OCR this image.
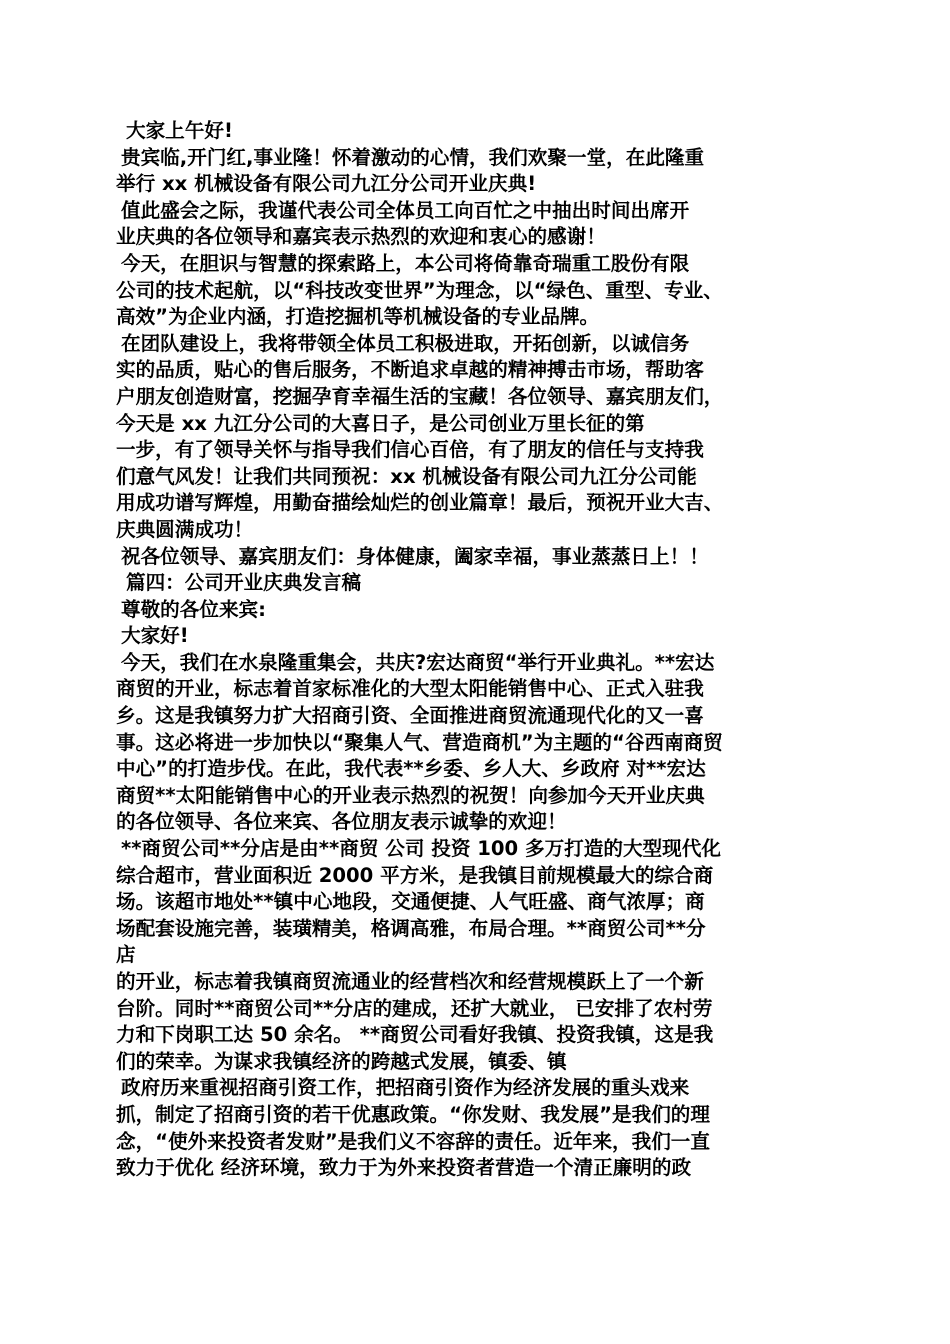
大家上午好!
贵宾临,开门红,事业隆！怀着激动的心情，我们欢聚一堂，在此隆重
举行 xx 机械设备有限公司九江分公司开业庆典!
值此盛会之际，我谨代表公司全体员工向百忙之中抽出时间出席开
业庆典的各位领导和嘉宾表示热烈的欢迎和衷心的感谢！
今天，在胆识与智慧的探索路上，本公司将倚靠奇瑞重工股份有限
公司的技术起航，以“科技改变世界”为理念，以“绿色、重型、专业、
高效”为企业内涵，打造挖掘机等机械设备的专业品牌。
在团队建设上，我将带领全体员工积极进取，开拓创新，以诚信务
实的品质，贴心的售后服务，不断追求卓越的精神搏击市场，帮助客
户朋友创造财富，挖掘孕育幸福生活的宝藏！各位领导、嘉宾朋友们，
今天是 xx 九江分公司的大喜日子，是公司创业万里长征的第
一步，有了领导关怀与指导我们信心百倍，有了朋友的信任与支持我
们意气风发！让我们共同预祝：xx 机械设备有限公司九江分公司能
用成功谱写辉煌，用勤奋描绘灿烂的创业篇章！最后，预祝开业大吉、
庆典圆满成功！
祝各位领导、嘉宾朋友们：身体健康，阖家幸福，事业蒸蒸日上！！
篇四：公司开业庆典发言稿
尊敬的各位来宾:
大家好!
今天，我们在水泉隆重集会，共庆?宏达商贸“举行开业典礼。**宏达
商贸的开业，标志着首家标准化的大型太阳能销售中心、正式入驻我
乡。这是我镇努力扩大招商引资、全面推进商贸流通现代化的又一喜
事。这必将进一步加快以“聚集人气、营造商机”为主题的“谷西南商贸
中心”的打造步伐。在此，我代表**乡委、乡人大、乡政府 对**宏达
商贸**太阳能销售中心的开业表示热烈的祝贺！向参加今天开业庆典
的各位领导、各位来宾、各位朋友表示诚挚的欢迎！
**商贸公司**分店是由**商贸 公司 投资 100 多万打造的大型现代化
综合超市，营业面积近 2000 平方米，是我镇目前规模最大的综合商
场。该超市地处**镇中心地段，交通便捷、人气旺盛、商气浓厚；商
场配套设施完善，装璜精美，格调高雅，布局合理。**商贸公司**分
店
的开业，标志着我镇商贸流通业的经营档次和经营规模跃上了一个新
台阶。同时**商贸公司**分店的建成，还扩大就业， 已安排了农村劳
力和下岗职工达 50 余名。 **商贸公司看好我镇、投资我镇，这是我
们的荣幸。为谋求我镇经济的跨越式发展，镇委、镇
政府历来重视招商引资工作，把招商引资作为经济发展的重头戏来
抓，制定了招商引资的若干优惠政策。“你发财、我发展”是我们的理
念，“使外来投资者发财”是我们义不容辞的责任。近年来，我们一直
致力于优化 经济环境，致力于为外来投资者营造一个清正廉明的政
